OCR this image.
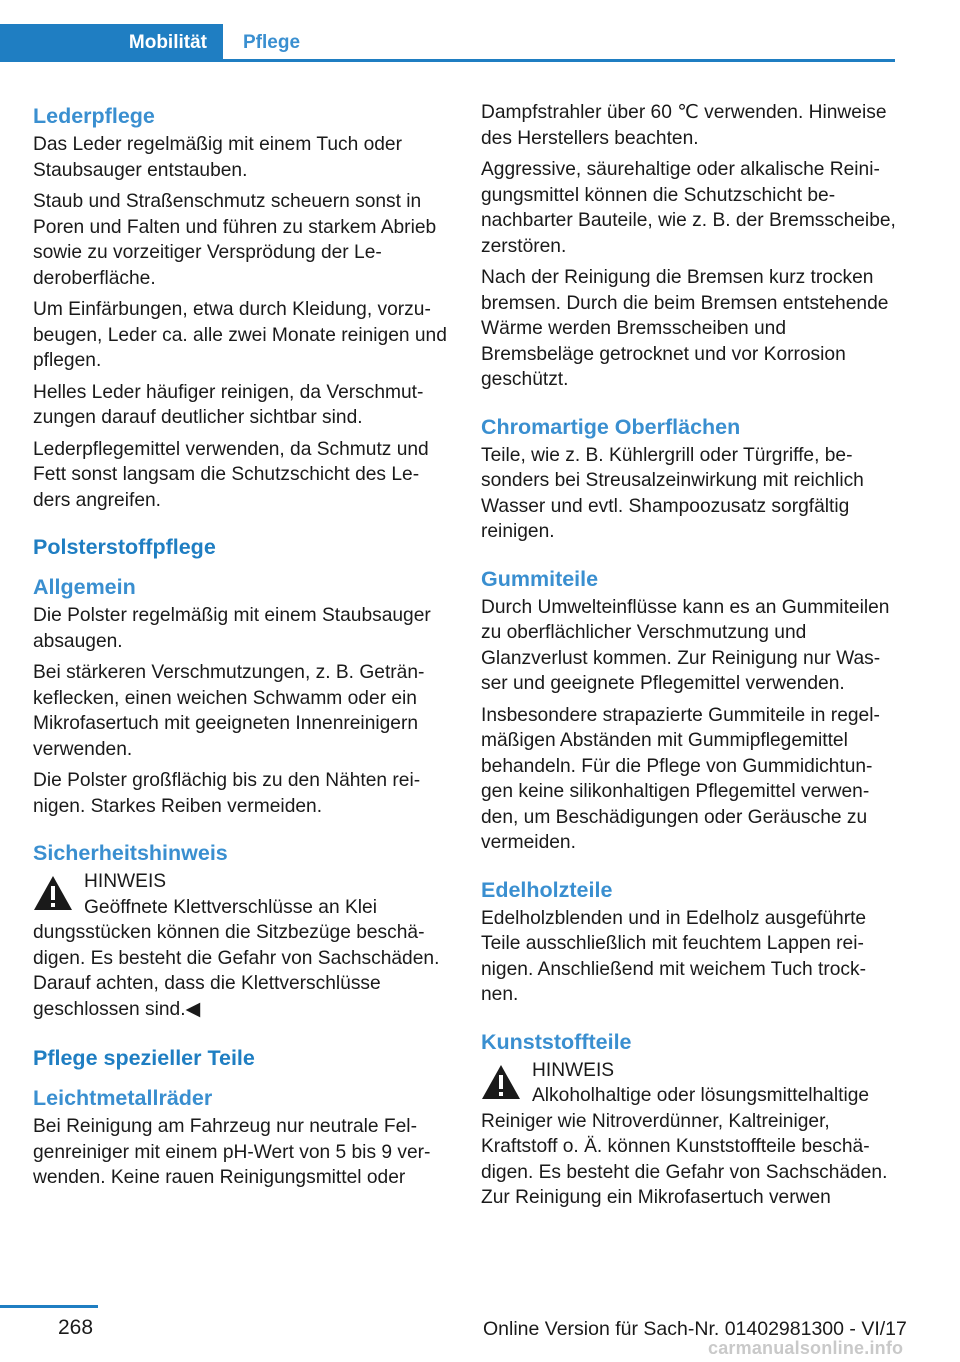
Mobilität	Pflege
Lederpflege

Das Leder regelmäßig mit einem Tuch oder Staubsauger entstauben.

Staub und Straßenschmutz scheuern sonst in Poren und Falten und führen zu starkem Abrieb sowie zu vorzeitiger Versprödung der Lederoberfläche.

Um Einfärbungen, etwa durch Kleidung, vorzubeugen, Leder ca. alle zwei Monate reinigen und pflegen.

Helles Leder häufiger reinigen, da Verschmutzungen darauf deutlicher sichtbar sind.

Lederpflegemittel verwenden, da Schmutz und Fett sonst langsam die Schutzschicht des Leders angreifen.

Polsterstoffpflege
Allgemein

Die Polster regelmäßig mit einem Staubsauger absaugen.

Bei stärkeren Verschmutzungen, z. B. Getränkeflecken, einen weichen Schwamm oder ein Mikrofasertuch mit geeigneten Innenreinigern verwenden.

Die Polster großflächig bis zu den Nähten reinigen. Starkes Reiben vermeiden.

Sicherheitshinweis
HINWEIS
Geöffnete Klettverschlüsse an Klei
dungsstücken können die Sitzbezüge beschädigen. Es besteht die Gefahr von Sachschäden. Darauf achten, dass die Klettverschlüsse geschlossen sind.◀
Pflege spezieller Teile
Leichtmetallräder

Bei Reinigung am Fahrzeug nur neutrale Felgenreiniger mit einem pH-Wert von 5 bis 9 verwenden. Keine rauen Reinigungsmittel oder

Dampfstrahler über 60 ℃ verwenden. Hinweise des Herstellers beachten.

Aggressive, säurehaltige oder alkalische Reinigungsmittel können die Schutzschicht benachbarter Bauteile, wie z. B. der Bremsscheibe, zerstören.

Nach der Reinigung die Bremsen kurz trocken bremsen. Durch die beim Bremsen entstehende Wärme werden Bremsscheiben und Bremsbeläge getrocknet und vor Korrosion geschützt.

Chromartige Oberflächen

Teile, wie z. B. Kühlergrill oder Türgriffe, besonders bei Streusalzeinwirkung mit reichlich Wasser und evtl. Shampoozusatz sorgfältig reinigen.

Gummiteile

Durch Umwelteinflüsse kann es an Gummiteilen zu oberflächlicher Verschmutzung und Glanzverlust kommen. Zur Reinigung nur Wasser und geeignete Pflegemittel verwenden.

Insbesondere strapazierte Gummiteile in regelmäßigen Abständen mit Gummipflegemittel behandeln. Für die Pflege von Gummidichtungen keine silikonhaltigen Pflegemittel verwenden, um Beschädigungen oder Geräusche zu vermeiden.

Edelholzteile

Edelholzblenden und in Edelholz ausgeführte Teile ausschließlich mit feuchtem Lappen reinigen. Anschließend mit weichem Tuch trocknen.

Kunststoffteile
HINWEIS
Alkoholhaltige oder lösungsmittelhaltige
Reiniger wie Nitroverdünner, Kaltreiniger, Kraftstoff o. Ä. können Kunststoffteile beschädigen. Es besteht die Gefahr von Sachschäden. Zur Reinigung ein Mikrofasertuch verwen
268	Online Version für Sach-Nr. 01402981300 - VI/17
carmanualsonline.info
